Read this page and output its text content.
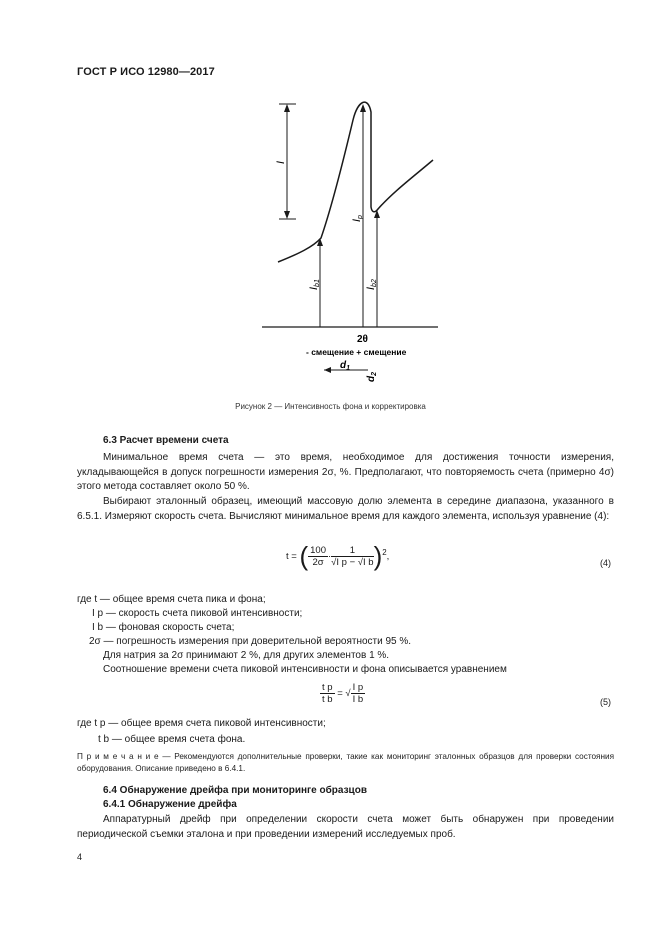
ГОСТ Р ИСО 12980—2017
I
Ib1
Ip
Ib2
2θ
- смещение + смещение
$d_1$
$d_2$
Рисунок 2 — Интенсивность фона и корректировка
6.3 Расчет времени счета

Минимальное время счета — это время, необходимое для достижения точности измерения, укладывающейся в допуск погрешности измерения 2σ, %. Предполагают, что повторяемость счета (примерно 4σ) этого метода составляет около 50 %.

Выбирают эталонный образец, имеющий массовую долю элемента в середине диапазона, указанного в 6.5.1. Измеряют скорость счета. Вычисляют минимальное время для каждого элемента, используя уравнение (4):

t = ( $\frac{100}{2\sigma} \cdot \frac{1}{\text{√I p − √I b}} )^2$,
(4)
где t — общее время счета пика и фона;
I p — скорость счета пиковой интенсивности;
I b — фоновая скорость счета;
2σ — погрешность измерения при доверительной вероятности 95 %.
Для натрия за 2σ принимают 2 %, для других элементов 1 %.
Соотношение времени счета пиковой интенсивности и фона описывается уравнением
$\frac{\text{t p}}{\text{t b}}$ = √ $\frac{\text{I p}}{\text{I b}}$	(5)
где t p — общее время счета пиковой интенсивности;
t b — общее время счета фона.

П р и м е ч а н и е — Рекомендуются дополнительные проверки, такие как мониторинг эталонных образцов для проверки состояния оборудования. Описание приведено в 6.4.1.

6.4 Обнаружение дрейфа при мониторинге образцов
6.4.1 Обнаружение дрейфа

Аппаратурный дрейф при определении скорости счета может быть обнаружен при проведении периодической съемки эталона и при проведении измерений исследуемых проб.

4
